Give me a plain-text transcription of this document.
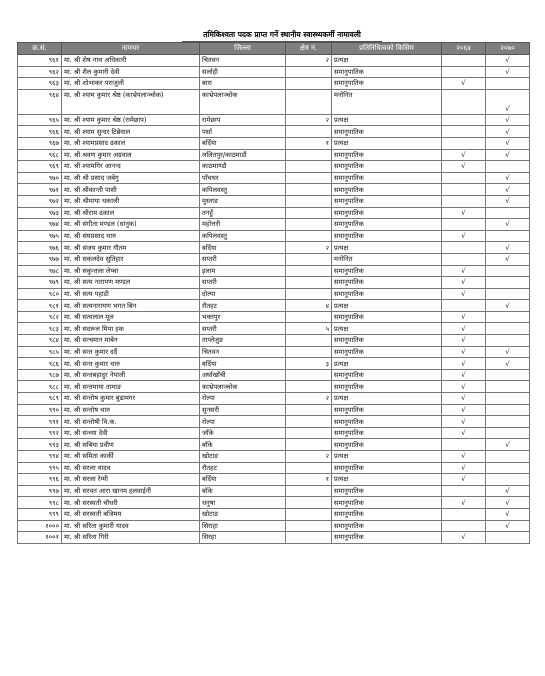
तमिकिश्वता पदक प्राप्त गर्ने स्थानीय स्वास्थ्यकर्मी नामावली
क्र.सं.	नामथर	जिल्ला	क्षेत्र नं.	प्रतिनिधित्वको किसिम	२०६४	२०७०
९६१	मा. श्री शेष नाथ अधिकारी	चितवन	२	प्रत्यक्ष		√
९६२	मा. श्री शैल कुमारी देवी	सर्लाही		समानुपातिक		√
९६३	मा. श्री शोभाकर पराजुली	बारा		समानुपातिक	√	
९६४	मा. श्री श्याम कुमार श्रेष्ठ (काभ्रेपलाञ्चोक)	काभ्रेपलाञ्चोक		मनोनित		√
९६५	मा. श्री श्याम कुमार श्रेष्ठ (रामेछाप)	रामेछाप	२	प्रत्यक्ष		√
९६६	मा. श्री श्याम सुन्दर टिब्रेवाल	पर्सा		समानुपातिक		√
९६७	मा. श्री श्यामप्रसाद ढकाल	बर्दिया	१	प्रत्यक्ष		√
९६८	मा. श्री श्रवण कुमार अग्रवाल	ललितपुर/काठमाडौं		समानुपातिक	√	√
९६९	मा. श्री श्यामगिर आनन्द	काठमाण्डौ		समानुपातिक	√	
९७०	मा. श्री श्री प्रसाद जबेगु	पाँचथर		समानुपातिक		√
९७१	मा. श्री श्रीकान्ती पासी	कपिलवस्तु		समानुपातिक		√
९७२	मा. श्री श्रीमाया थकाली	मुस्ताङ		समानुपातिक		√
९७३	मा. श्री श्रीराम ढकाल	तनहुँ		समानुपातिक	√	
९७४	मा. श्री संगीता मण्डल (धानुक)	महोत्तरी		समानुपातिक		√
९७५	मा. श्री संघप्रसाद थारु	कपिलवस्तु		समानुपातिक	√	
९७६	मा. श्री संजय कुमार गौतम	बर्दिया	२	प्रत्यक्ष		√
९७७	मा. श्री सकलदेव सुतिहार	सप्तरी		मनोनित		√
९७८	मा. श्री सकुन्तला लेप्चा	इलाम		समानुपातिक	√	
९७९	मा. श्री सत्य नारायण मण्डल	सप्तरी		समानुपातिक	√	
९८०	मा. श्री सत्य पहाडी	दोल्पा		समानुपातिक	√	
९८१	मा. श्री सत्यनारायण भगत बिन	रौतहट	४	प्रत्यक्ष		√
९८२	मा. श्री सत्यलाल मूल	भक्तपुर		समानुपातिक	√	
९८३	मा. श्री सदरूल मिया हक	सप्तरी	५	प्रत्यक्ष	√	
९८४	मा. श्री सन्चमान माबेन	ताप्लेजुङ		समानुपातिक	√	
९८५	मा. श्री सन्त कुमार दर्दै	चितवन		समानुपातिक	√	√
९८६	मा. श्री सन्त कुमार थारु	बर्दिया	३	प्रत्यक्ष	√	√
९८७	मा. श्री सन्तबहादुर नेपाली	अर्घाखाँची		समानुपातिक	√	
९८८	मा. श्री सन्तमाया तामाङ	काभ्रेपलाञ्चोक		समानुपातिक	√	
९८९	मा. श्री सन्तोष कुमार बुढामगर	रोल्पा	२	प्रत्यक्ष	√	
९९०	मा. श्री सन्तोष थारु	सुनसरी		समानुपातिक	√	
९९१	मा. श्री सन्तोषी वि.क.	रोल्पा		समानुपातिक	√	
९९२	मा. श्री सन्ध्या देवी	जाँके		समानुपातिक	√	
९९३	मा. श्री सबिया प्रवीण	बाँके		समानुपातिक		√
९९४	मा. श्री समिता कार्की	खोटाङ	२	प्रत्यक्ष	√	
९९५	मा. श्री सरला यादव	रौतहट		समानुपातिक	√	
९९६	मा. श्री सरला रेग्मी	बर्दिया	१	प्रत्यक्ष	√	
९९७	मा. श्री सरवत आरा खानम हलवाईनी	बाँके		समानुपातिक		√
९९८	मा. श्री सरस्वती चौधरी	धनुषा		समानुपातिक	√	√
९९९	मा. श्री सरस्वती बजिमय	खोटाङ		समानुपातिक		√
१०००	मा. श्री सरिता कुमारी यादव	सिराहा		समानुपातिक		√
१००१	मा. श्री सरिता गिरी	सिरहा		समानुपातिक	√	
